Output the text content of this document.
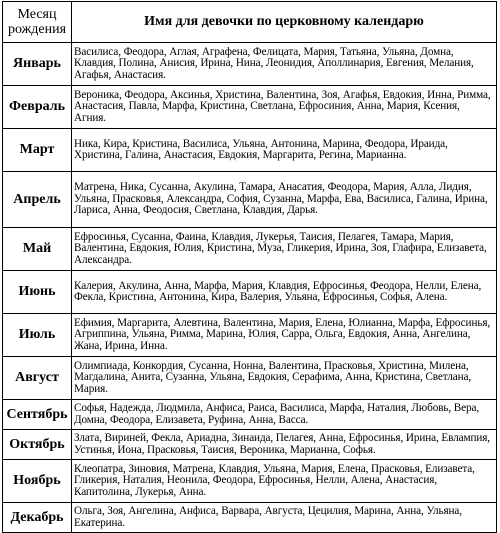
Месяц рождения	Имя для девочки по церковному календарю
Январь	Василиса, Феодора, Аглая, Аграфена, Фелицата, Мария, Татьяна, Ульяна, Домна, Клавдия, Полина, Анисия, Ирина, Нина, Леонидия, Аполлинария, Евгения, Мелания, Агафья, Анастасия.
Февраль	Вероника, Феодора, Аксинья, Христина, Валентина, Зоя, Агафья, Евдокия, Инна, Римма, Анастасия, Павла, Марфа, Кристина, Светлана, Ефросиния, Анна, Мария, Ксения, Агния.
Март	Ника, Кира, Кристина, Василиса, Ульяна, Антонина, Марина, Феодора, Ираида, Христина, Галина, Анастасия, Евдокия, Маргарита, Регина, Марианна.
Апрель	Матрена, Ника, Сусанна, Акулина, Тамара, Анасатия, Феодора, Мария, Алла, Лидия, Ульяна, Прасковья, Александра, София, Сузанна, Марфа, Ева, Василиса, Галина, Ирина, Лариса, Анна, Феодосия, Светлана, Клавдия, Дарья.
Май	Ефросинья, Сусанна, Фаина, Клавдия, Лукерья, Таисия, Пелагея, Тамара, Мария, Валентина, Евдокия, Юлия, Кристина, Муза, Гликерия, Ирина, Зоя, Глафира, Елизавета, Александра.
Июнь	Калерия, Акулина, Анна, Марфа, Мария, Клавдия, Ефросинья, Феодора, Нелли, Елена, Фекла, Кристина, Антонина, Кира, Валерия, Ульяна, Ефросинья, Софья, Алена.
Июль	Ефимия, Маргарита, Алевтина, Валентина, Мария, Елена, Юлианна, Марфа, Ефросинья, Агриппина, Ульяна, Римма, Марина, Юлия, Сарра, Ольга, Евдокия, Анна, Ангелина, Жана, Ирина, Инна.
Август	Олимпиада, Конкордия, Сусанна, Нонна, Валентина, Прасковья, Христина, Милена, Магдалина, Анита, Сузанна, Ульяна, Евдокия, Серафима, Анна, Кристина, Светлана, Мария.
Сентябрь	Софья, Надежда, Людмила, Анфиса, Раиса, Василиса, Марфа, Наталия, Любовь, Вера, Домна, Феодора, Елизавета, Руфина, Анна, Васса.
Октябрь	Злата, Вириней, Фекла, Ариадна, Зинаида, Пелагея, Анна, Ефросинья, Ирина, Евлампия, Устинья, Иона, Прасковья, Таисия, Вероника, Марианна, Софья.
Ноябрь	Клеопатра, Зиновия, Матрена, Клавдия, Ульяна, Мария, Елена, Прасковья, Елизавета, Гликерия, Наталия, Неонила, Феодора, Ефросинья, Нелли, Алена, Анастасия, Капитолина, Лукерья, Анна.
Декабрь	Ольга, Зоя, Ангелина, Анфиса, Варвара, Августа, Цецилия, Марина, Анна, Ульяна, Екатерина.
